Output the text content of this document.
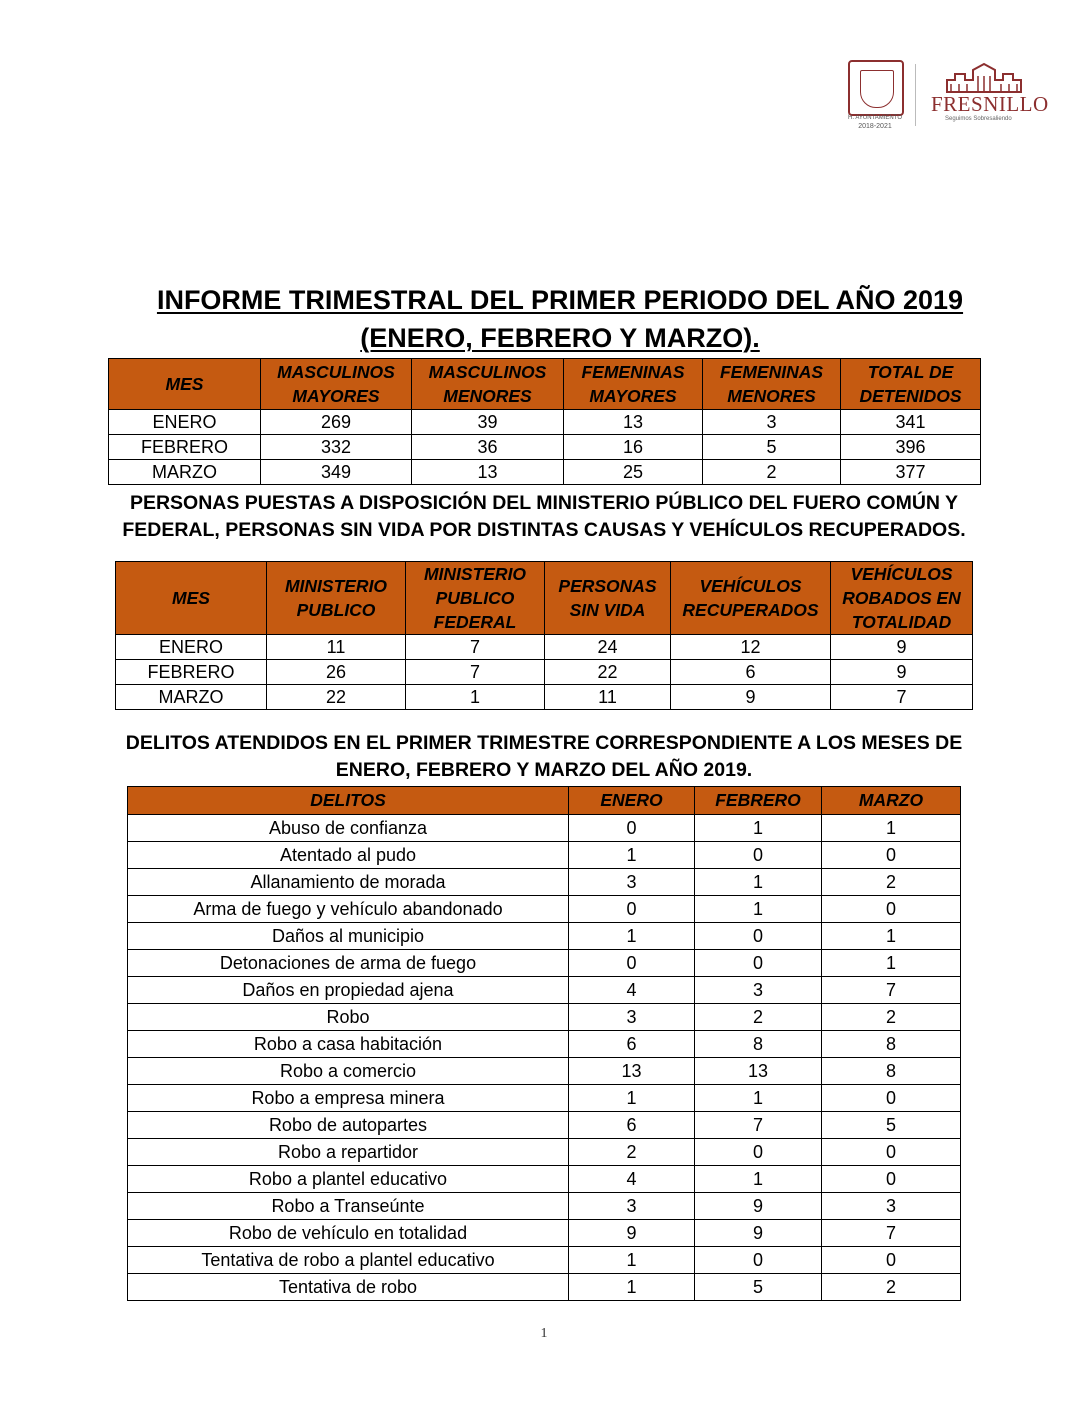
H. AYUNTAMIENTO
2018-2021
FRESNILLO
Seguimos Sobresaliendo
INFORME TRIMESTRAL DEL PRIMER PERIODO DEL AÑO 2019
(ENERO, FEBRERO Y MARZO).
MES	MASCULINOS MAYORES	MASCULINOS MENORES	FEMENINAS MAYORES	FEMENINAS MENORES	TOTAL DE DETENIDOS
ENERO	269	39	13	3	341
FEBRERO	332	36	16	5	396
MARZO	349	13	25	2	377
PERSONAS PUESTAS A DISPOSICIÓN DEL MINISTERIO PÚBLICO DEL FUERO COMÚN Y
FEDERAL, PERSONAS SIN VIDA POR DISTINTAS CAUSAS Y VEHÍCULOS RECUPERADOS.
MES	MINISTERIO PUBLICO	MINISTERIO PUBLICO FEDERAL	PERSONAS SIN VIDA	VEHÍCULOS RECUPERADOS	VEHÍCULOS ROBADOS EN TOTALIDAD
ENERO	11	7	24	12	9
FEBRERO	26	7	22	6	9
MARZO	22	1	11	9	7
DELITOS ATENDIDOS EN EL PRIMER TRIMESTRE CORRESPONDIENTE A LOS MESES DE
ENERO, FEBRERO Y MARZO DEL AÑO 2019.
DELITOS	ENERO	FEBRERO	MARZO
Abuso de confianza	0	1	1
Atentado al pudo	1	0	0
Allanamiento de morada	3	1	2
Arma de fuego y vehículo abandonado	0	1	0
Daños al municipio	1	0	1
Detonaciones de arma de fuego	0	0	1
Daños en propiedad ajena	4	3	7
Robo	3	2	2
Robo a casa habitación	6	8	8
Robo a comercio	13	13	8
Robo a empresa minera	1	1	0
Robo de autopartes	6	7	5
Robo a repartidor	2	0	0
Robo a plantel educativo	4	1	0
Robo a Transeúnte	3	9	3
Robo de vehículo en totalidad	9	9	7
Tentativa de robo a plantel educativo	1	0	0
Tentativa de robo	1	5	2
1
